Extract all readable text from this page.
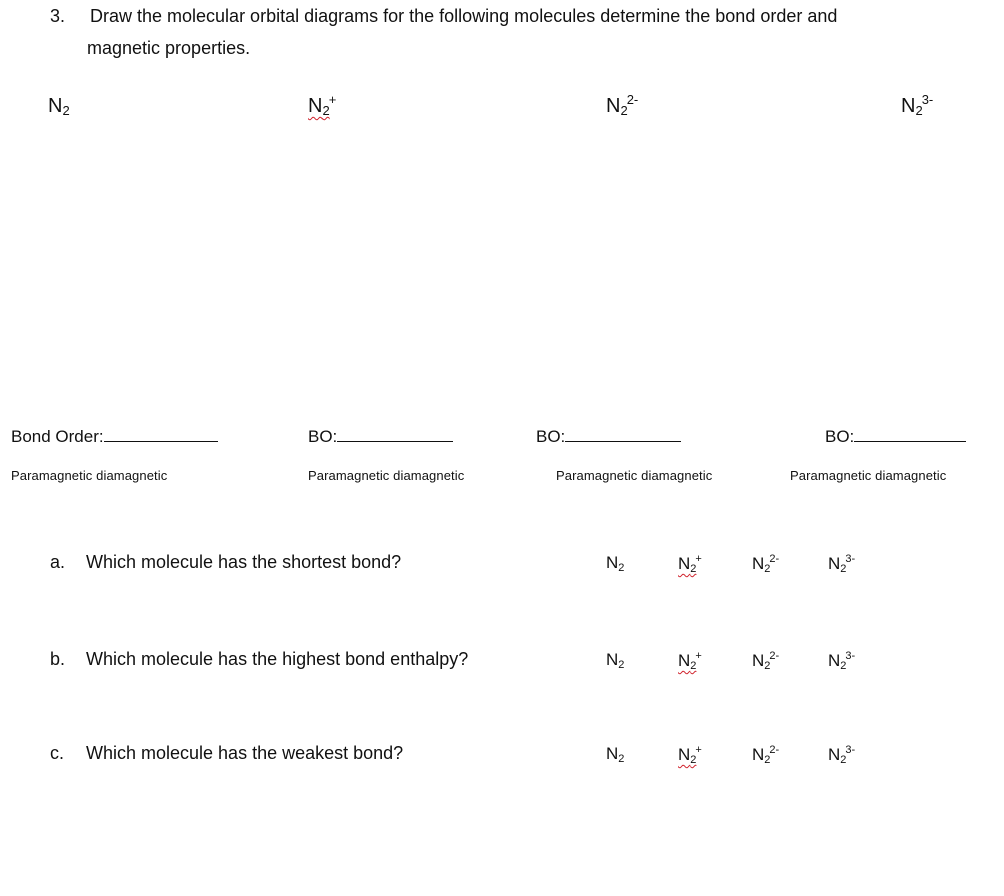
3. Draw the molecular orbital diagrams for the following molecules determine the bond order and
magnetic properties.
$N_2$	$N_2^+$	$N_2^{2-}$	$N_2^{3-}$
Bond Order:	BO:	BO:	BO:
Paramagnetic diamagnetic	Paramagnetic diamagnetic	Paramagnetic diamagnetic	Paramagnetic diamagnetic
a. Which molecule has the shortest bond?	$N_2$	$N_2^+$	$N_2^{2-}$	$N_2^{3-}$
b. Which molecule has the highest bond enthalpy?	$N_2$	$N_2^+$	$N_2^{2-}$	$N_2^{3-}$
c. Which molecule has the weakest bond?	$N_2$	$N_2^+$	$N_2^{2-}$	$N_2^{3-}$
